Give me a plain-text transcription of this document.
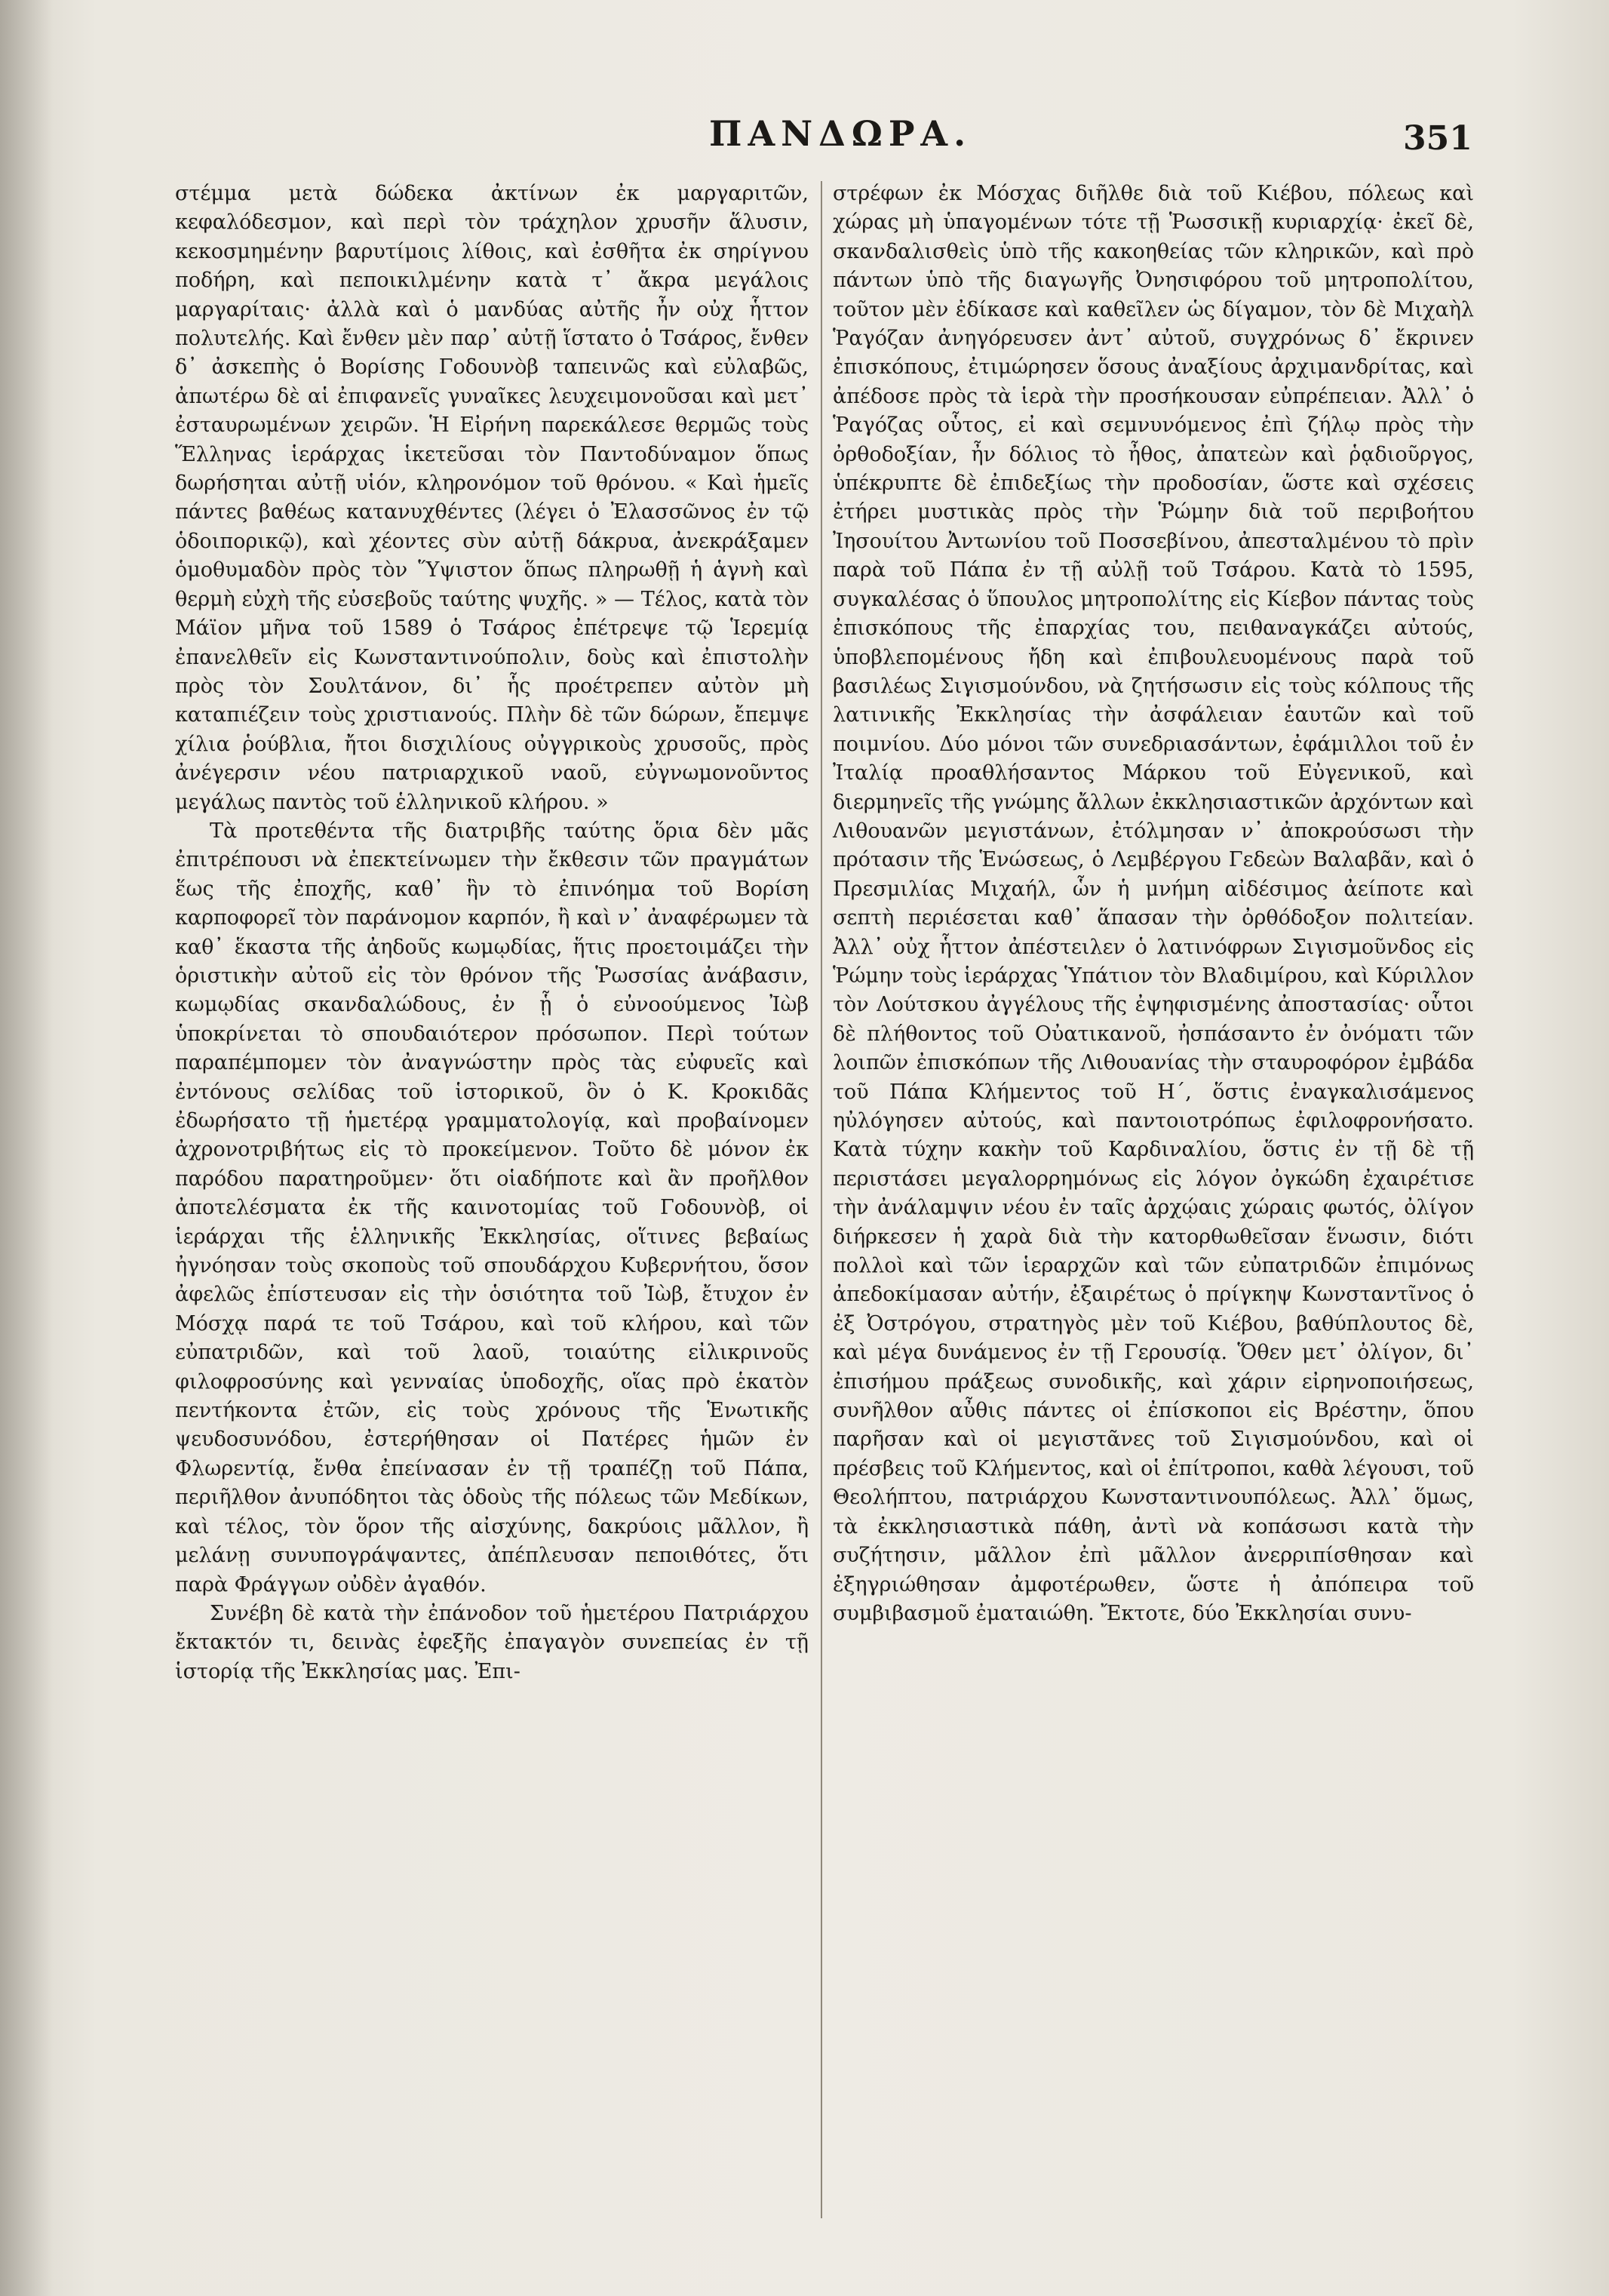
ΠΑΝΔΩΡΑ.	351

στέμμα μετὰ δώδεκα ἀκτίνων ἐκ μαργαριτῶν, κεφαλόδεσμον, καὶ περὶ τὸν τράχηλον χρυσῆν ἅλυσιν, κεκοσμημένην βαρυτίμοις λίθοις, καὶ ἐσθῆτα ἐκ σηρίγνου ποδήρη, καὶ πεποικιλμένην κατὰ τ᾽ ἄκρα μεγάλοις μαργαρίταις· ἀλλὰ καὶ ὁ μανδύας αὐτῆς ἦν οὐχ ἧττον πολυτελής. Καὶ ἔνθεν μὲν παρ᾽ αὐτῇ ἵστατο ὁ Τσάρος, ἔνθεν δ᾽ ἀσκεπὴς ὁ Βορίσης Γοδουνὸβ ταπεινῶς καὶ εὐλαβῶς, ἀπωτέρω δὲ αἱ ἐπιφανεῖς γυναῖκες λευχειμονοῦσαι καὶ μετ᾽ ἐσταυρωμένων χειρῶν. Ἡ Εἰρήνη παρεκάλεσε θερμῶς τοὺς Ἕλληνας ἱεράρχας ἱκετεῦσαι τὸν Παντοδύναμον ὅπως δωρήσηται αὐτῇ υἱόν, κληρονόμον τοῦ θρόνου. « Καὶ ἡμεῖς πάντες βαθέως κατανυχθέντες (λέγει ὁ Ἐλασσῶνος ἐν τῷ ὁδοιπορικῷ), καὶ χέοντες σὺν αὐτῇ δάκρυα, ἀνεκράξαμεν ὁμοθυμαδὸν πρὸς τὸν Ὕψιστον ὅπως πληρωθῇ ἡ ἁγνὴ καὶ θερμὴ εὐχὴ τῆς εὐσεβοῦς ταύτης ψυχῆς. » — Τέλος, κατὰ τὸν Μάϊον μῆνα τοῦ 1589 ὁ Τσάρος ἐπέτρεψε τῷ Ἱερεμίᾳ ἐπανελθεῖν εἰς Κωνσταντινούπολιν, δοὺς καὶ ἐπιστολὴν πρὸς τὸν Σουλτάνον, δι᾽ ἧς προέτρεπεν αὐτὸν μὴ καταπιέζειν τοὺς χριστιανούς. Πλὴν δὲ τῶν δώρων, ἔπεμψε χίλια ῥούβλια, ἤτοι δισχιλίους οὐγγρικοὺς χρυσοῦς, πρὸς ἀνέγερσιν νέου πατριαρχικοῦ ναοῦ, εὐγνωμονοῦντος μεγάλως παντὸς τοῦ ἑλληνικοῦ κλήρου. »

Τὰ προτεθέντα τῆς διατριβῆς ταύτης ὅρια δὲν μᾶς ἐπιτρέπουσι νὰ ἐπεκτείνωμεν τὴν ἔκθεσιν τῶν πραγμάτων ἕως τῆς ἐποχῆς, καθ᾽ ἣν τὸ ἐπινόημα τοῦ Βορίση καρποφορεῖ τὸν παράνομον καρπόν, ἢ καὶ ν᾽ ἀναφέρωμεν τὰ καθ᾽ ἕκαστα τῆς ἀηδοῦς κωμῳδίας, ἥτις προετοιμάζει τὴν ὁριστικὴν αὐτοῦ εἰς τὸν θρόνον τῆς Ῥωσσίας ἀνάβασιν, κωμῳδίας σκανδαλώδους, ἐν ᾗ ὁ εὐνοούμενος Ἰὼβ ὑποκρίνεται τὸ σπουδαιότερον πρόσωπον. Περὶ τούτων παραπέμπομεν τὸν ἀναγνώστην πρὸς τὰς εὐφυεῖς καὶ ἐντόνους σελίδας τοῦ ἱστορικοῦ, ὃν ὁ Κ. Κροκιδᾶς ἐδωρήσατο τῇ ἡμετέρᾳ γραμματολογίᾳ, καὶ προβαίνομεν ἀχρονοτριβήτως εἰς τὸ προκείμενον. Τοῦτο δὲ μόνον ἐκ παρόδου παρατηροῦμεν· ὅτι οἱαδήποτε καὶ ἂν προῆλθον ἀποτελέσματα ἐκ τῆς καινοτομίας τοῦ Γοδουνὸβ, οἱ ἱεράρχαι τῆς ἑλληνικῆς Ἐκκλησίας, οἵτινες βεβαίως ἠγνόησαν τοὺς σκοποὺς τοῦ σπουδάρχου Κυβερνήτου, ὅσον ἀφελῶς ἐπίστευσαν εἰς τὴν ὁσιότητα τοῦ Ἰὼβ, ἔτυχον ἐν Μόσχᾳ παρά τε τοῦ Τσάρου, καὶ τοῦ κλήρου, καὶ τῶν εὐπατριδῶν, καὶ τοῦ λαοῦ, τοιαύτης εἰλικρινοῦς φιλοφροσύνης καὶ γενναίας ὑποδοχῆς, οἵας πρὸ ἑκατὸν πεντήκοντα ἐτῶν, εἰς τοὺς χρόνους τῆς Ἑνωτικῆς ψευδοσυνόδου, ἐστερήθησαν οἱ Πατέρες ἡμῶν ἐν Φλωρεντίᾳ, ἔνθα ἐπείνασαν ἐν τῇ τραπέζῃ τοῦ Πάπα, περιῆλθον ἀνυπόδητοι τὰς ὁδοὺς τῆς πόλεως τῶν Μεδίκων, καὶ τέλος, τὸν ὅρον τῆς αἰσχύνης, δακρύοις μᾶλλον, ἢ μελάνῃ συνυπογράψαντες, ἀπέπλευσαν πεποιθότες, ὅτι παρὰ Φράγγων οὐδὲν ἀγαθόν.

Συνέβη δὲ κατὰ τὴν ἐπάνοδον τοῦ ἡμετέρου Πατριάρχου ἔκτακτόν τι, δεινὰς ἐφεξῆς ἐπαγαγὸν συνεπείας ἐν τῇ ἱστορίᾳ τῆς Ἐκκλησίας μας. Ἐπι-

στρέφων ἐκ Μόσχας διῆλθε διὰ τοῦ Κιέβου, πόλεως καὶ χώρας μὴ ὑπαγομένων τότε τῇ Ῥωσσικῇ κυριαρχίᾳ· ἐκεῖ δὲ, σκανδαλισθεὶς ὑπὸ τῆς κακοηθείας τῶν κληρικῶν, καὶ πρὸ πάντων ὑπὸ τῆς διαγωγῆς Ὀνησιφόρου τοῦ μητροπολίτου, τοῦτον μὲν ἐδίκασε καὶ καθεῖλεν ὡς δίγαμον, τὸν δὲ Μιχαὴλ Ῥαγόζαν ἀνηγόρευσεν ἀντ᾽ αὐτοῦ, συγχρόνως δ᾽ ἔκρινεν ἐπισκόπους, ἐτιμώρησεν ὅσους ἀναξίους ἀρχιμανδρίτας, καὶ ἀπέδοσε πρὸς τὰ ἱερὰ τὴν προσήκουσαν εὐπρέπειαν. Ἀλλ᾽ ὁ Ῥαγόζας οὗτος, εἰ καὶ σεμνυνόμενος ἐπὶ ζήλῳ πρὸς τὴν ὀρθοδοξίαν, ἦν δόλιος τὸ ἦθος, ἀπατεὼν καὶ ῥᾳδιοῦργος, ὑπέκρυπτε δὲ ἐπιδεξίως τὴν προδοσίαν, ὥστε καὶ σχέσεις ἐτήρει μυστικὰς πρὸς τὴν Ῥώμην διὰ τοῦ περιβοήτου Ἰησουίτου Ἀντωνίου τοῦ Ποσσεβίνου, ἀπεσταλμένου τὸ πρὶν παρὰ τοῦ Πάπα ἐν τῇ αὐλῇ τοῦ Τσάρου. Κατὰ τὸ 1595, συγκαλέσας ὁ ὕπουλος μητροπολίτης εἰς Κίεβον πάντας τοὺς ἐπισκόπους τῆς ἐπαρχίας του, πειθαναγκάζει αὐτούς, ὑποβλεπομένους ἤδη καὶ ἐπιβουλευομένους παρὰ τοῦ βασιλέως Σιγισμούνδου, νὰ ζητήσωσιν εἰς τοὺς κόλπους τῆς λατινικῆς Ἐκκλησίας τὴν ἀσφάλειαν ἑαυτῶν καὶ τοῦ ποιμνίου. Δύο μόνοι τῶν συνεδριασάντων, ἐφάμιλλοι τοῦ ἐν Ἰταλίᾳ προαθλήσαντος Μάρκου τοῦ Εὐγενικοῦ, καὶ διερμηνεῖς τῆς γνώμης ἄλλων ἐκκλησιαστικῶν ἀρχόντων καὶ Λιθουανῶν μεγιστάνων, ἐτόλμησαν ν᾽ ἀποκρούσωσι τὴν πρότασιν τῆς Ἑνώσεως, ὁ Λεμβέργου Γεδεὼν Βαλαβᾶν, καὶ ὁ Πρεσμιλίας Μιχαήλ, ὧν ἡ μνήμη αἰδέσιμος ἀείποτε καὶ σεπτὴ περιέσεται καθ᾽ ἅπασαν τὴν ὀρθόδοξον πολιτείαν. Ἀλλ᾽ οὐχ ἧττον ἀπέστειλεν ὁ λατινόφρων Σιγισμοῦνδος εἰς Ῥώμην τοὺς ἱεράρχας Ὑπάτιον τὸν Βλαδιμίρου, καὶ Κύριλλον τὸν Λούτσκου ἀγγέλους τῆς ἐψηφισμένης ἀποστασίας· οὗτοι δὲ πλήθοντος τοῦ Οὐατικανοῦ, ἠσπάσαντο ἐν ὀνόματι τῶν λοιπῶν ἐπισκόπων τῆς Λιθουανίας τὴν σταυροφόρον ἐμβάδα τοῦ Πάπα Κλήμεντος τοῦ Η΄, ὅστις ἐναγκαλισάμενος ηὐλόγησεν αὐτούς, καὶ παντοιοτρόπως ἐφιλοφρονήσατο. Κατὰ τύχην κακὴν τοῦ Καρδιναλίου, ὅστις ἐν τῇ δὲ τῇ περιστάσει μεγαλορρημόνως εἰς λόγον ὀγκώδη ἐχαιρέτισε τὴν ἀνάλαμψιν νέου ἐν ταῖς ἀρχῴαις χώραις φωτός, ὀλίγον διήρκεσεν ἡ χαρὰ διὰ τὴν κατορθωθεῖσαν ἕνωσιν, διότι πολλοὶ καὶ τῶν ἱεραρχῶν καὶ τῶν εὐπατριδῶν ἐπιμόνως ἀπεδοκίμασαν αὐτήν, ἐξαιρέτως ὁ πρίγκηψ Κωνσταντῖνος ὁ ἐξ Ὀστρόγου, στρατηγὸς μὲν τοῦ Κιέβου, βαθύπλουτος δὲ, καὶ μέγα δυνάμενος ἐν τῇ Γερουσίᾳ. Ὅθεν μετ᾽ ὀλίγον, δι᾽ ἐπισήμου πράξεως συνοδικῆς, καὶ χάριν εἰρηνοποιήσεως, συνῆλθον αὖθις πάντες οἱ ἐπίσκοποι εἰς Βρέστην, ὅπου παρῆσαν καὶ οἱ μεγιστᾶνες τοῦ Σιγισμούνδου, καὶ οἱ πρέσβεις τοῦ Κλήμεντος, καὶ οἱ ἐπίτροποι, καθὰ λέγουσι, τοῦ Θεολήπτου, πατριάρχου Κωνσταντινουπόλεως. Ἀλλ᾽ ὅμως, τὰ ἐκκλησιαστικὰ πάθη, ἀντὶ νὰ κοπάσωσι κατὰ τὴν συζήτησιν, μᾶλλον ἐπὶ μᾶλλον ἀνερριπίσθησαν καὶ ἐξηγριώθησαν ἀμφοτέρωθεν, ὥστε ἡ ἀπόπειρα τοῦ συμβιβασμοῦ ἐματαιώθη. Ἔκτοτε, δύο Ἐκκλησίαι συνυ-
